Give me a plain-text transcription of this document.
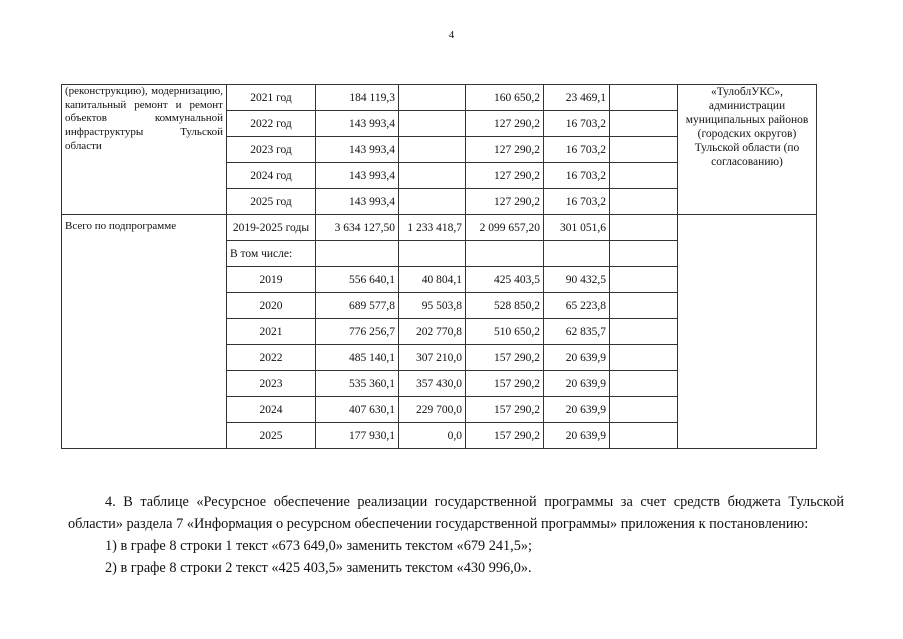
4
(реконструкцию), модернизацию, капитальный ремонт и ремонт объектов коммунальной инфраструктуры Тульской области	2021 год	184 119,3		160 650,2	23 469,1		«ТулоблУКС», администрации муниципальных районов (городских округов) Тульской области (по согласованию)
	2022 год	143 993,4		127 290,2	16 703,2		
	2023 год	143 993,4		127 290,2	16 703,2		
	2024 год	143 993,4		127 290,2	16 703,2		
	2025 год	143 993,4		127 290,2	16 703,2		
Всего по подпрограмме	2019-2025 годы	3 634 127,50	1 233 418,7	2 099 657,20	301 051,6		
	В том числе:						
	2019	556 640,1	40 804,1	425 403,5	90 432,5		
	2020	689 577,8	95 503,8	528 850,2	65 223,8		
	2021	776 256,7	202 770,8	510 650,2	62 835,7		
	2022	485 140,1	307 210,0	157 290,2	20 639,9		
	2023	535 360,1	357 430,0	157 290,2	20 639,9		
	2024	407 630,1	229 700,0	157 290,2	20 639,9		
	2025	177 930,1	0,0	157 290,2	20 639,9		
4. В таблице «Ресурсное обеспечение реализации государственной программы за счет средств бюджета Тульской области» раздела 7 «Информация о ресурсном обеспечении государственной программы» приложения к постановлению:
1) в графе 8 строки 1 текст «673 649,0» заменить текстом «679 241,5»;
2) в графе 8 строки 2 текст «425 403,5» заменить текстом «430 996,0».
